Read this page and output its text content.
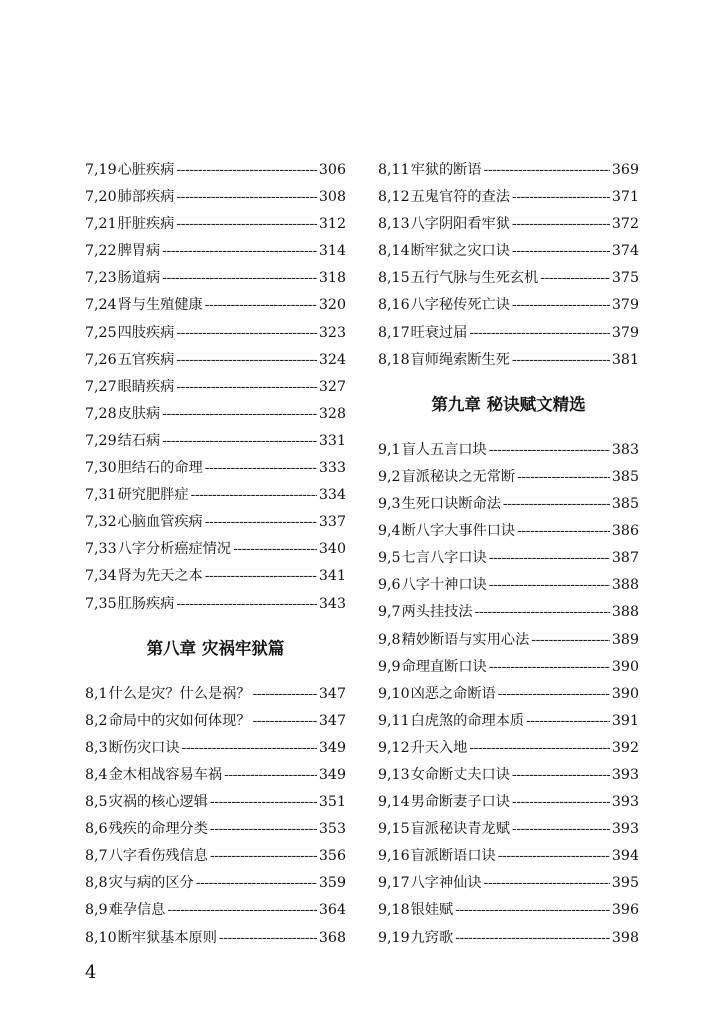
7,19 心脏疾病 -----	306
7,20 肺部疾病 -----	308
7,21 肝脏疾病 -----	312
7,22 脾胃病 -----	314
7,23 肠道病 -----	318
7,24 肾与生殖健康 -----	320
7,25 四肢疾病 -----	323
7,26 五官疾病 -----	324
7,27 眼睛疾病 -----	327
7,28 皮肤病 -----	328
7,29 结石病 -----	331
7,30 胆结石的命理 -----	333
7,31 研究肥胖症 -----	334
7,32 心脑血管疾病 -----	337
7,33 八字分析癌症情况 -----	340
7,34 肾为先天之本 -----	341
7,35 肛肠疾病 -----	343
第八章 灾祸牢狱篇
8,1 什么是灾？什么是祸？ -----	347
8,2 命局中的灾如何体现？ -----	347
8,3 断伤灾口诀 -----	349
8,4 金木相战容易车祸 -----	349
8,5 灾祸的核心逻辑 -----	351
8,6 残疾的命理分类 -----	353
8,7 八字看伤残信息 -----	356
8,8 灾与病的区分 -----	359
8,9 难孕信息 -----	364
8,10 断牢狱基本原则 -----	368
8,11 牢狱的断语 -----	369
8,12 五鬼官符的查法 -----	371
8,13 八字阴阳看牢狱 -----	372
8,14 断牢狱之灾口诀 -----	374
8,15 五行气脉与生死玄机 -----	375
8,16 八字秘传死亡诀 -----	379
8,17 旺衰过届 -----	379
8,18 盲师绳索断生死 -----	381
第九章 秘诀赋文精选
9,1 盲人五言口块 -----	383
9,2 盲派秘诀之无常断 -----	385
9,3 生死口诀断命法 -----	385
9,4 断八字大事件口诀 -----	386
9,5 七言八字口诀 -----	387
9,6 八字十神口诀 -----	388
9,7 两头挂技法 -----	388
9,8 精妙断语与实用心法 -----	389
9,9 命理直断口诀 -----	390
9,10 凶恶之命断语 -----	390
9,11 白虎煞的命理本质 -----	391
9,12 升天入地 -----	392
9,13 女命断丈夫口诀 -----	393
9,14 男命断妻子口诀 -----	393
9,15 盲派秘诀青龙赋 -----	393
9,16 盲派断语口诀 -----	394
9,17 八字神仙诀 -----	395
9,18 银娃赋 -----	396
9,19 九窍歌 -----	398
4
